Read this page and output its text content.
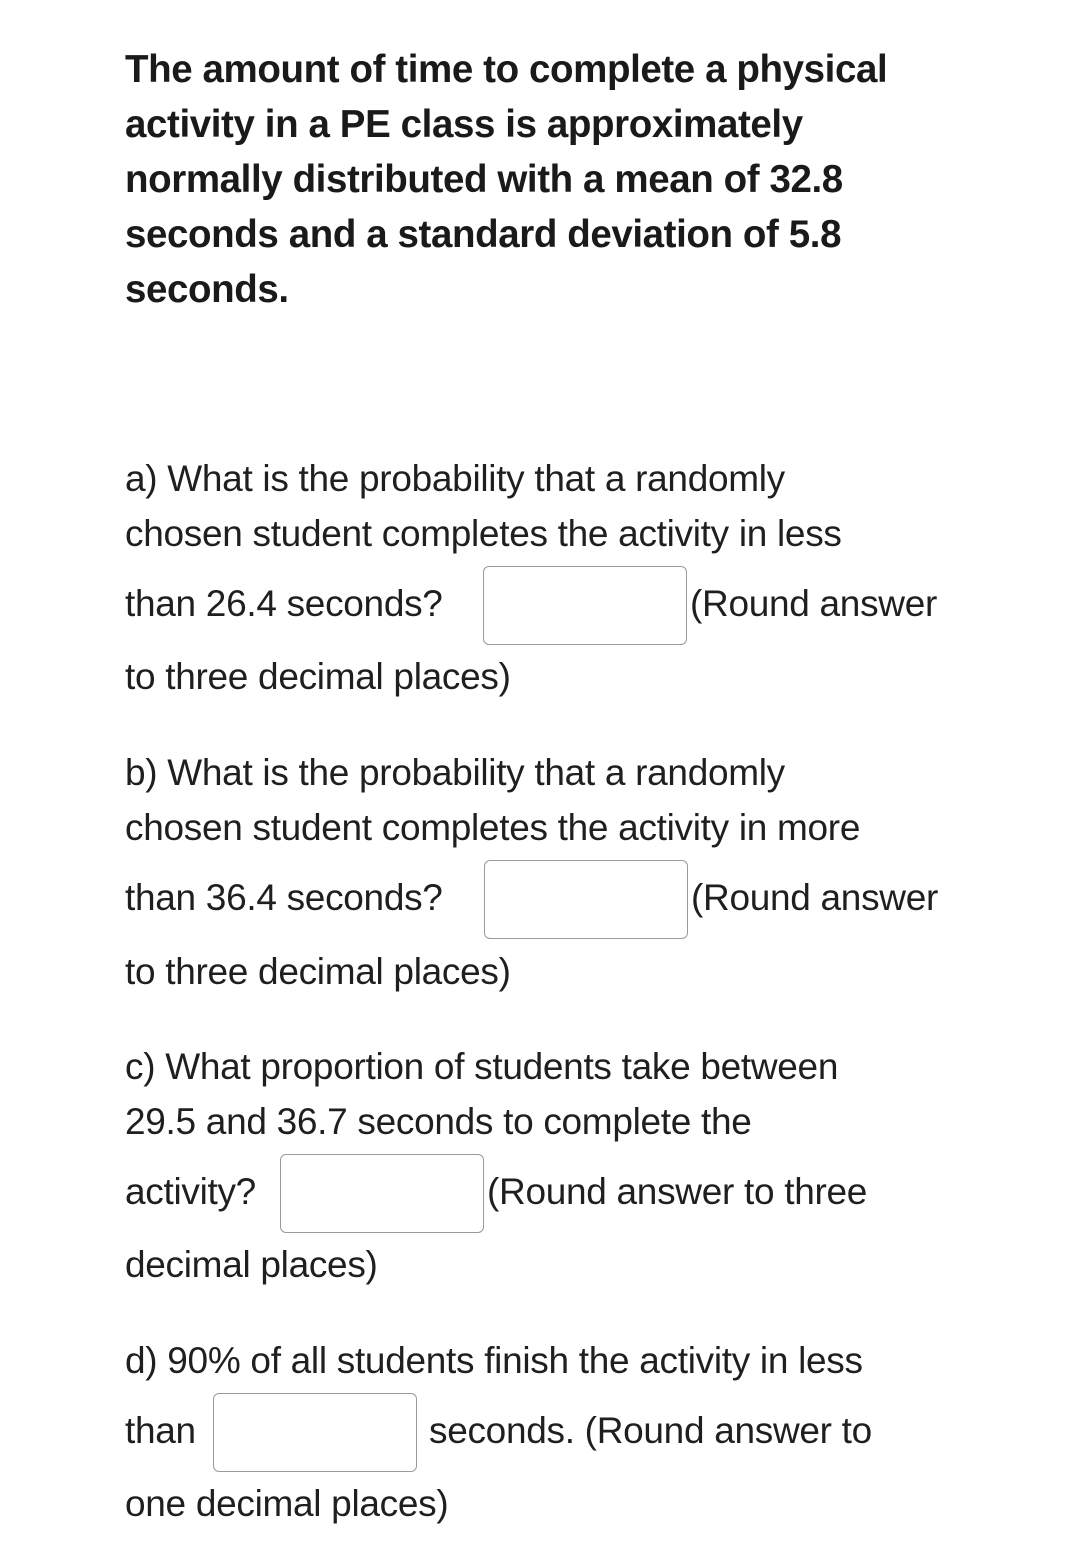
The amount of time to complete a physical
activity in a PE class is approximately
normally distributed with a mean of 32.8
seconds and a standard deviation of 5.8
seconds.
a) What is the probability that a randomly
chosen student completes the activity in less
than 26.4 seconds?	(Round answer
to three decimal places)
b) What is the probability that a randomly
chosen student completes the activity in more
than 36.4 seconds?	(Round answer
to three decimal places)
c) What proportion of students take between
29.5 and 36.7 seconds to complete the
activity?	(Round answer to three
decimal places)
d) 90% of all students finish the activity in less
than	seconds. (Round answer to
one decimal places)
